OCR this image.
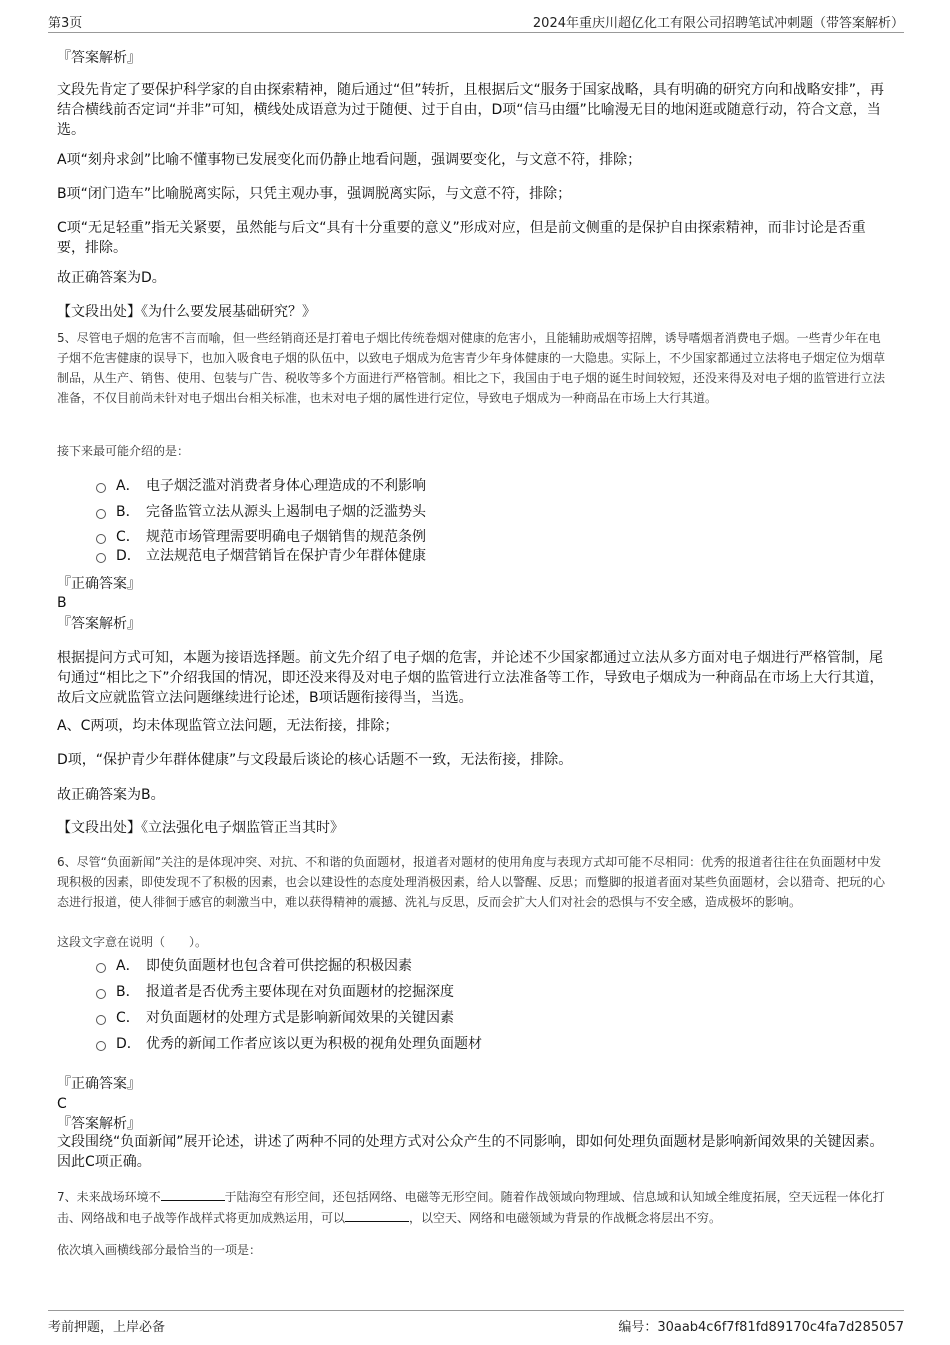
第3页	2024年重庆川超亿化工有限公司招聘笔试冲刺题（带答案解析）

『答案解析』

文段先肯定了要保护科学家的自由探索精神，随后通过“但”转折，且根据后文“服务于国家战略，具有明确的研究方向和战略安排”，再结合横线前否定词“并非”可知，横线处成语意为过于随便、过于自由，D项“信马由缰”比喻漫无目的地闲逛或随意行动，符合文意，当选。

A项“刻舟求剑”比喻不懂事物已发展变化而仍静止地看问题，强调要变化，与文意不符，排除；

B项“闭门造车”比喻脱离实际，只凭主观办事，强调脱离实际，与文意不符，排除；

C项“无足轻重”指无关紧要，虽然能与后文“具有十分重要的意义”形成对应，但是前文侧重的是保护自由探索精神，而非讨论是否重要，排除。

故正确答案为D。

【文段出处】《为什么要发展基础研究？》

5、尽管电子烟的危害不言而喻，但一些经销商还是打着电子烟比传统卷烟对健康的危害小，且能辅助戒烟等招牌，诱导嗜烟者消费电子烟。一些青少年在电子烟不危害健康的误导下，也加入吸食电子烟的队伍中，以致电子烟成为危害青少年身体健康的一大隐患。实际上，不少国家都通过立法将电子烟定位为烟草制品，从生产、销售、使用、包装与广告、税收等多个方面进行严格管制。相比之下，我国由于电子烟的诞生时间较短，还没来得及对电子烟的监管进行立法准备，不仅目前尚未针对电子烟出台相关标准，也未对电子烟的属性进行定位，导致电子烟成为一种商品在市场上大行其道。

接下来最可能介绍的是：

A． 电子烟泛滥对消费者身体心理造成的不利影响
B． 完备监管立法从源头上遏制电子烟的泛滥势头
C． 规范市场管理需要明确电子烟销售的规范条例
D． 立法规范电子烟营销旨在保护青少年群体健康

『正确答案』

B

『答案解析』

根据提问方式可知，本题为接语选择题。前文先介绍了电子烟的危害，并论述不少国家都通过立法从多方面对电子烟进行严格管制，尾句通过“相比之下”介绍我国的情况，即还没来得及对电子烟的监管进行立法准备等工作，导致电子烟成为一种商品在市场上大行其道，故后文应就监管立法问题继续进行论述，B项话题衔接得当，当选。

A、C两项，均未体现监管立法问题，无法衔接，排除；

D项，“保护青少年群体健康”与文段最后谈论的核心话题不一致，无法衔接，排除。

故正确答案为B。

【文段出处】《立法强化电子烟监管正当其时》

6、尽管“负面新闻”关注的是体现冲突、对抗、不和谐的负面题材，报道者对题材的使用角度与表现方式却可能不尽相同：优秀的报道者往往在负面题材中发现积极的因素，即使发现不了积极的因素，也会以建设性的态度处理消极因素，给人以警醒、反思；而蹩脚的报道者面对某些负面题材，会以猎奇、把玩的心态进行报道，使人徘徊于感官的刺激当中，难以获得精神的震撼、洗礼与反思，反而会扩大人们对社会的恐惧与不安全感，造成极坏的影响。

这段文字意在说明（　　）。

A． 即使负面题材也包含着可供挖掘的积极因素
B． 报道者是否优秀主要体现在对负面题材的挖掘深度
C． 对负面题材的处理方式是影响新闻效果的关键因素
D． 优秀的新闻工作者应该以更为积极的视角处理负面题材

『正确答案』

C

『答案解析』

文段围绕“负面新闻”展开论述，讲述了两种不同的处理方式对公众产生的不同影响，即如何处理负面题材是影响新闻效果的关键因素。因此C项正确。

7、未来战场环境不	于陆海空有形空间，还包括网络、电磁等无形空间。随着作战领域向物理域、信息域和认知域全维度拓展，空天远程一体化打击、网络战和电子战等作战样式将更加成熟运用，可以	，以空天、网络和电磁领域为背景的作战概念将层出不穷。

依次填入画横线部分最恰当的一项是：

考前押题，上岸必备	编号：30aab4c6f7f81fd89170c4fa7d285057
